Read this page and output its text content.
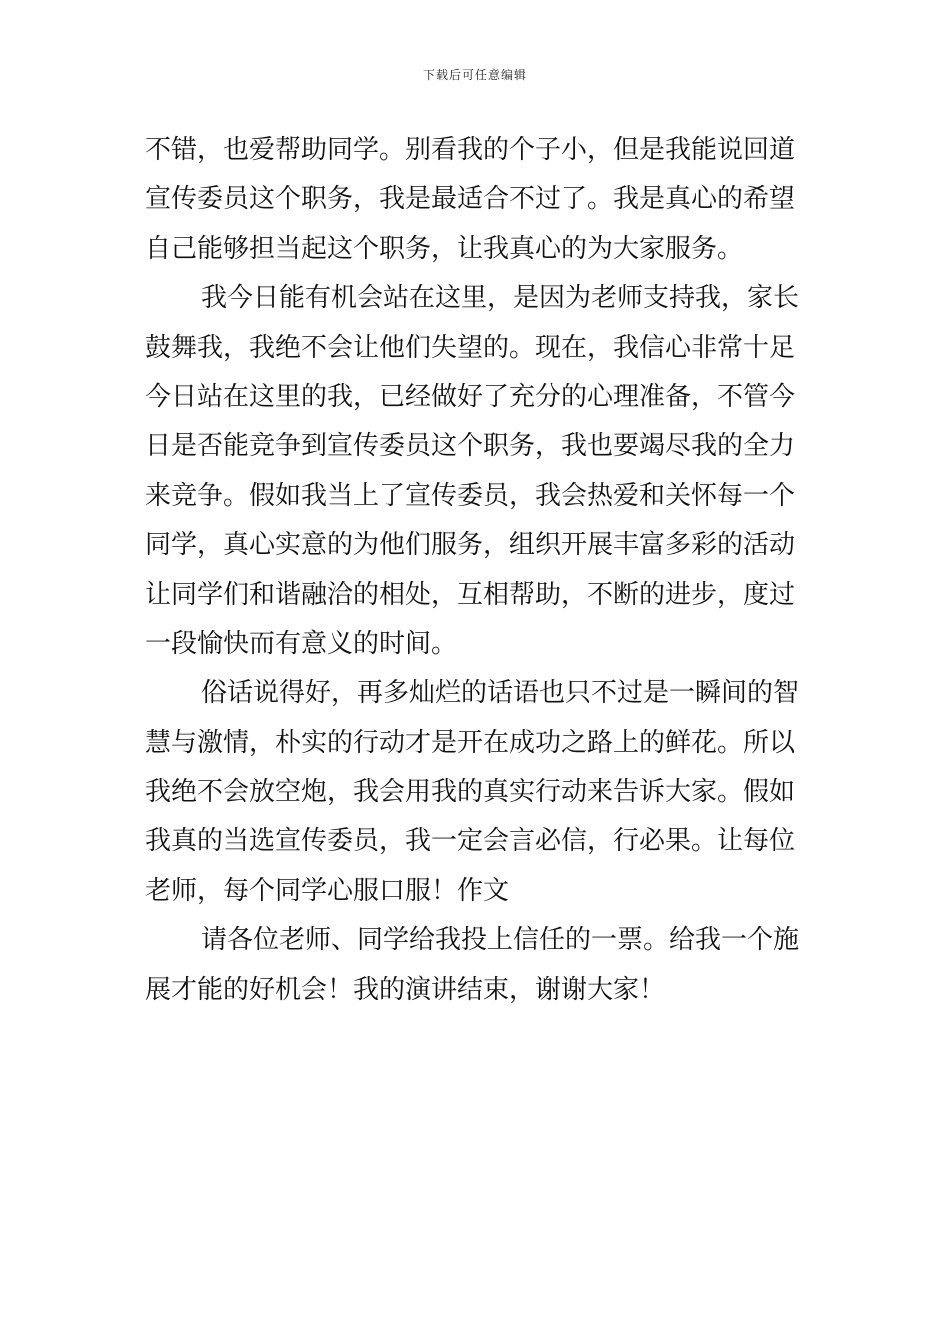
下载后可任意编辑
不错，也爱帮助同学。别看我的个子小，但是我能说回道
宣传委员这个职务，我是最适合不过了。我是真心的希望
自己能够担当起这个职务，让我真心的为大家服务。
我今日能有机会站在这里，是因为老师支持我，家长
鼓舞我，我绝不会让他们失望的。现在，我信心非常十足
今日站在这里的我，已经做好了充分的心理准备，不管今
日是否能竞争到宣传委员这个职务，我也要竭尽我的全力
来竞争。假如我当上了宣传委员，我会热爱和关怀每一个
同学，真心实意的为他们服务，组织开展丰富多彩的活动
让同学们和谐融洽的相处，互相帮助，不断的进步，度过
一段愉快而有意义的时间。
俗话说得好，再多灿烂的话语也只不过是一瞬间的智
慧与激情，朴实的行动才是开在成功之路上的鲜花。所以
我绝不会放空炮，我会用我的真实行动来告诉大家。假如
我真的当选宣传委员，我一定会言必信，行必果。让每位
老师，每个同学心服口服！作文
请各位老师、同学给我投上信任的一票。给我一个施
展才能的好机会！我的演讲结束，谢谢大家！
